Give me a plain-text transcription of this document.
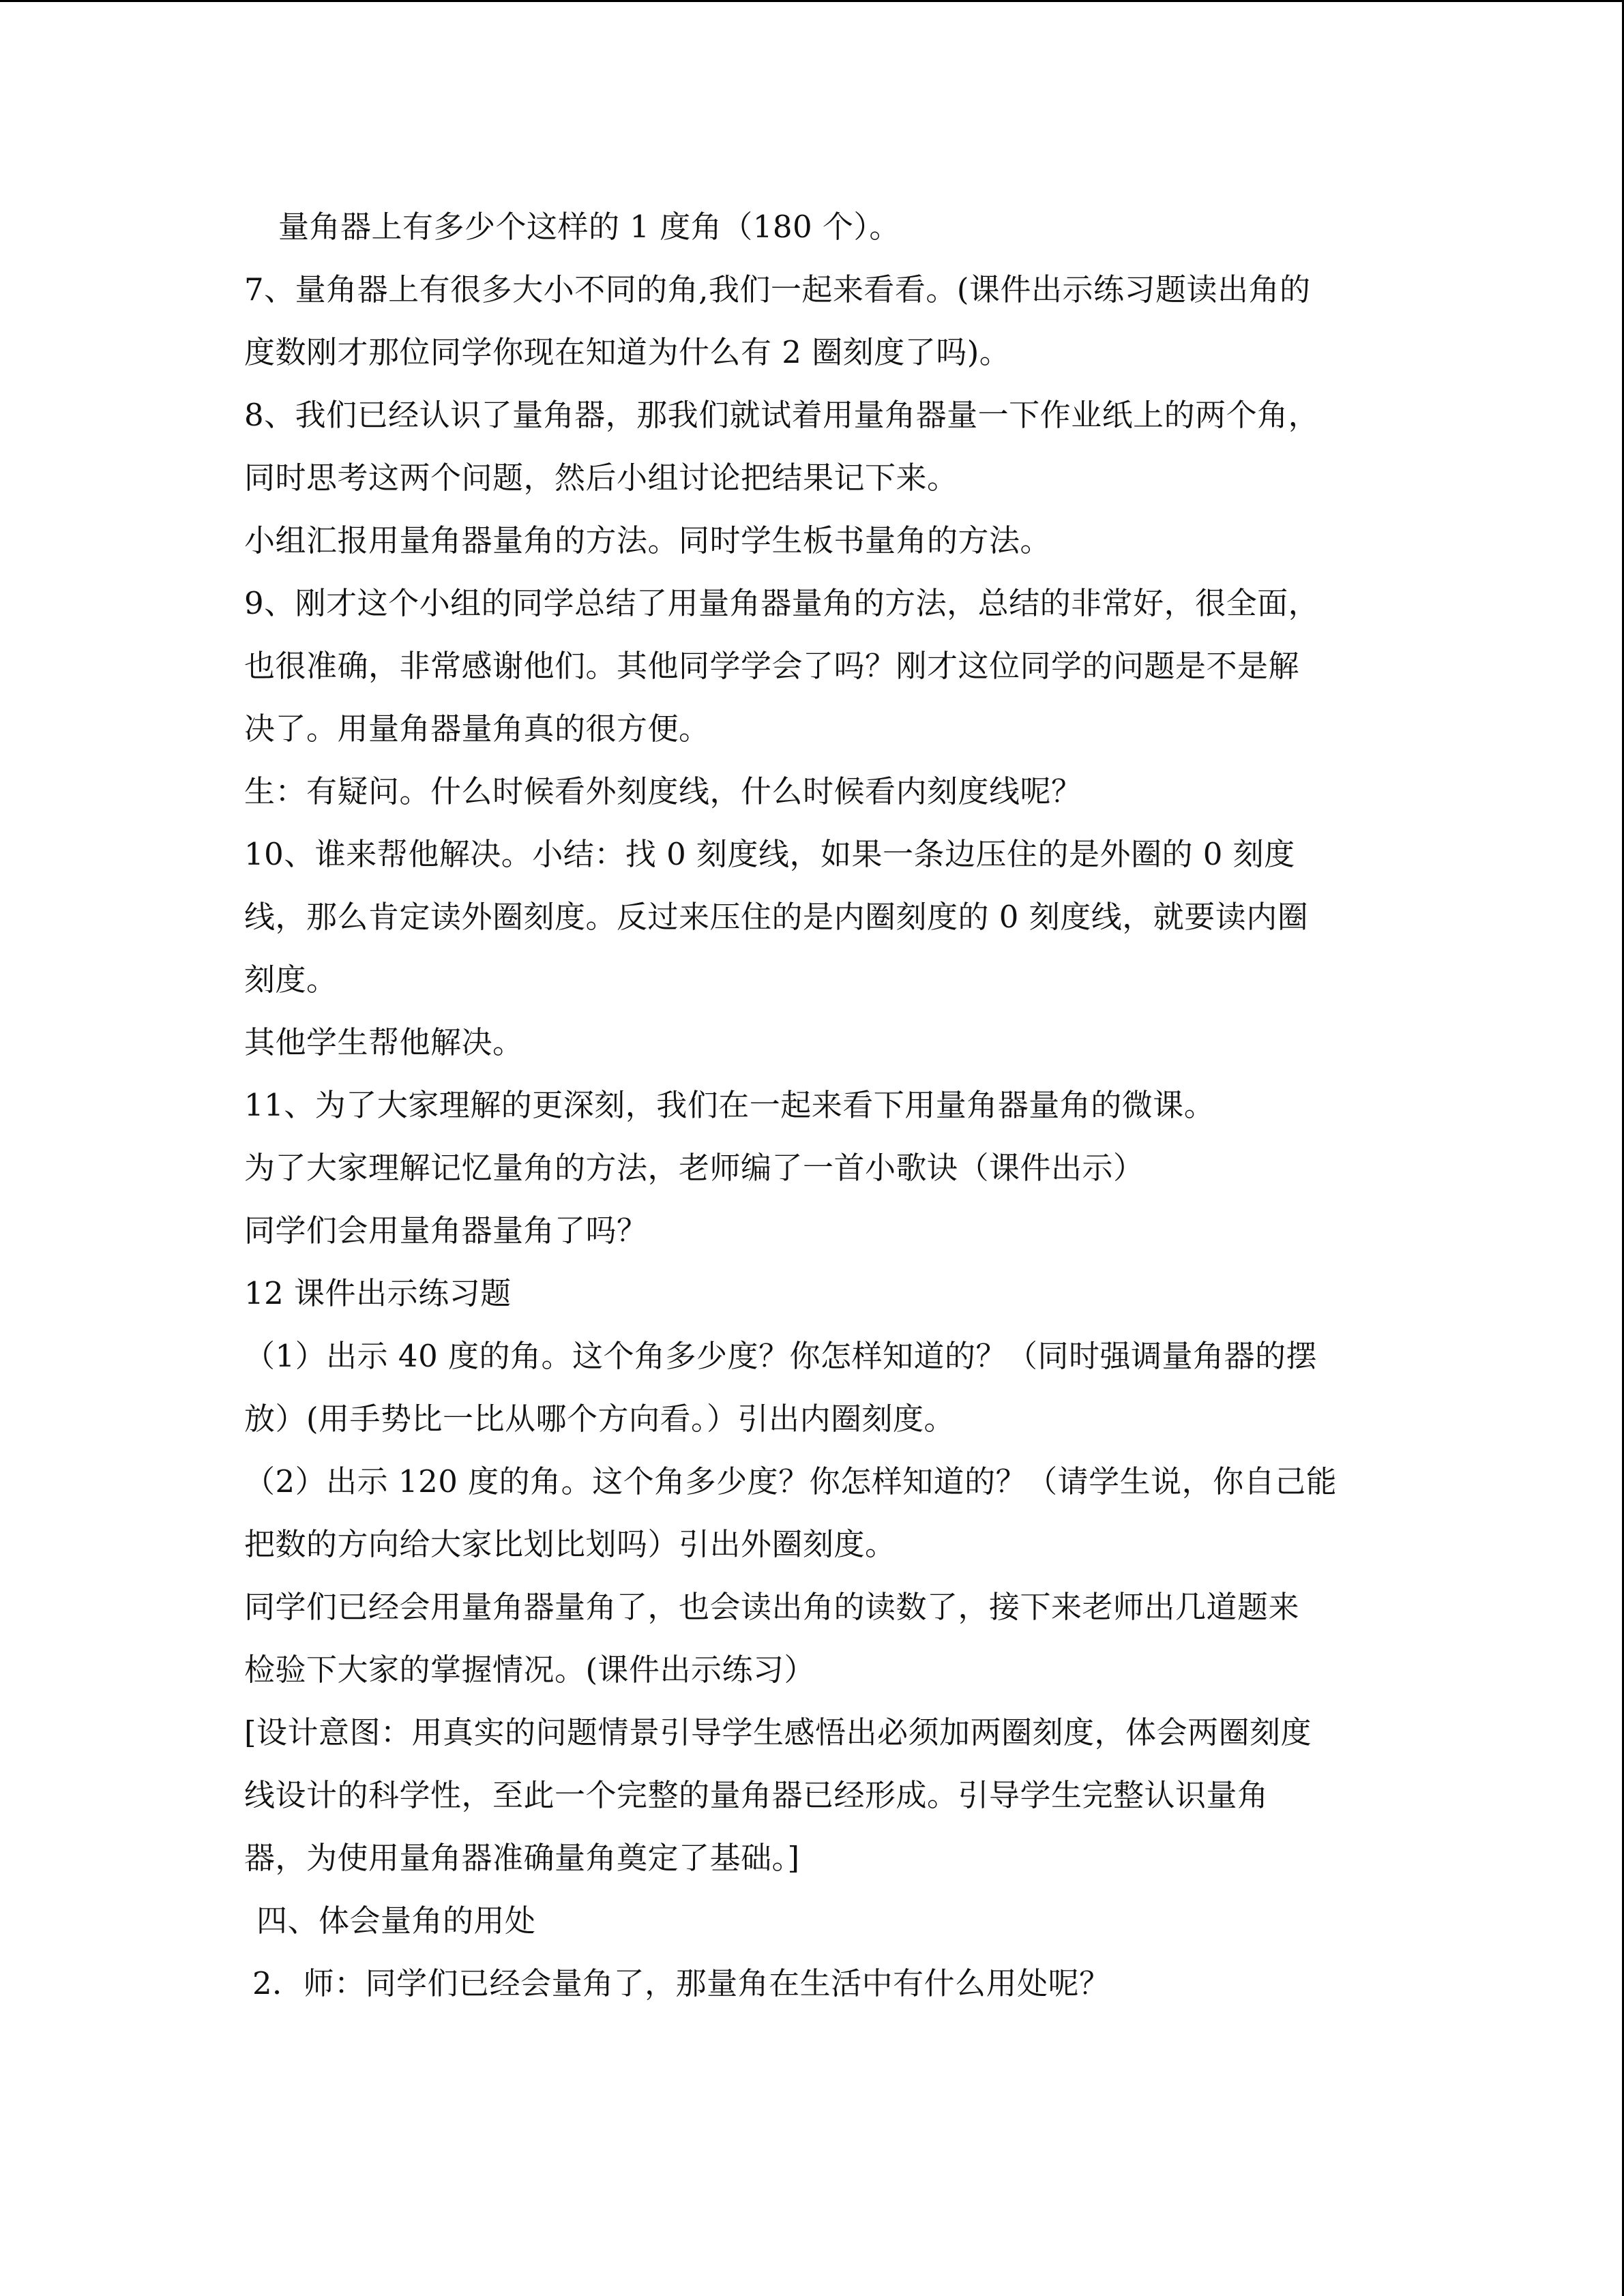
量角器上有多少个这样的 1 度角（180 个）。
7、量角器上有很多大小不同的角,我们一起来看看。(课件出示练习题读出角的
度数刚才那位同学你现在知道为什么有 2 圈刻度了吗)。
8、我们已经认识了量角器，那我们就试着用量角器量一下作业纸上的两个角，
同时思考这两个问题，然后小组讨论把结果记下来。
小组汇报用量角器量角的方法。同时学生板书量角的方法。
9、刚才这个小组的同学总结了用量角器量角的方法，总结的非常好，很全面，
也很准确，非常感谢他们。其他同学学会了吗？刚才这位同学的问题是不是解
决了。用量角器量角真的很方便。
生：有疑问。什么时候看外刻度线，什么时候看内刻度线呢？
10、谁来帮他解决。小结：找 0 刻度线，如果一条边压住的是外圈的 0 刻度
线，那么肯定读外圈刻度。反过来压住的是内圈刻度的 0 刻度线，就要读内圈
刻度。
其他学生帮他解决。
11、为了大家理解的更深刻，我们在一起来看下用量角器量角的微课。
为了大家理解记忆量角的方法，老师编了一首小歌诀（课件出示）
同学们会用量角器量角了吗？
12 课件出示练习题
（1）出示 40 度的角。这个角多少度？你怎样知道的？（同时强调量角器的摆
放）(用手势比一比从哪个方向看。）引出内圈刻度。
（2）出示 120 度的角。这个角多少度？你怎样知道的？（请学生说，你自己能
把数的方向给大家比划比划吗）引出外圈刻度。
同学们已经会用量角器量角了，也会读出角的读数了，接下来老师出几道题来
检验下大家的掌握情况。(课件出示练习）
[设计意图：用真实的问题情景引导学生感悟出必须加两圈刻度，体会两圈刻度
线设计的科学性，至此一个完整的量角器已经形成。引导学生完整认识量角
器，为使用量角器准确量角奠定了基础。]
四、体会量角的用处
2．师：同学们已经会量角了，那量角在生活中有什么用处呢？
